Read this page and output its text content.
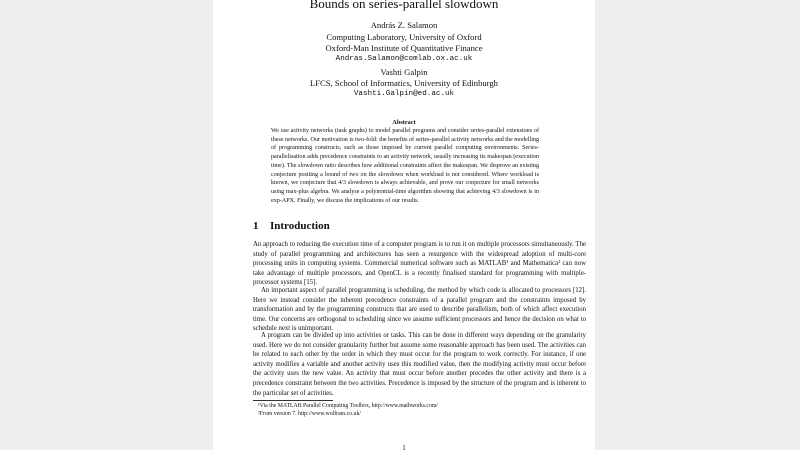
Bounds on series-parallel slowdown
András Z. Salamon
Computing Laboratory, University of Oxford
Oxford-Man Institute of Quantitative Finance
Andras.Salamon@comlab.ox.ac.uk
Vashti Galpin
LFCS, School of Informatics, University of Edinburgh
Vashti.Galpin@ed.ac.uk
Abstract

We use activity networks (task graphs) to model parallel programs and consider series-parallel extensions of these networks. Our motivation is two-fold: the benefits of series-parallel activity networks and the modelling of programming constructs, such as those imposed by current parallel computing environments. Series-parallelisation adds precedence constraints to an activity network, usually increasing its makespan (execution time). The slowdown ratio describes how additional constraints affect the makespan. We disprove an existing conjecture positing a bound of two on the slowdown when workload is not considered. Where workload is known, we conjecture that 4/3 slowdown is always achievable, and prove our conjecture for small networks using max-plus algebra. We analyse a polynomial-time algorithm showing that achieving 4/3 slowdown is in exp-APX. Finally, we discuss the implications of our results.

1 Introduction

An approach to reducing the execution time of a computer program is to run it on multiple processors simultaneously. The study of parallel programming and architectures has seen a resurgence with the widespread adoption of multi-core processing units in computing systems. Commercial numerical software such as MATLAB¹ and Mathematica² can now take advantage of multiple processors, and OpenCL is a recently finalised standard for programming with multiple-processor systems [15].

An important aspect of parallel programming is scheduling, the method by which code is allocated to processors [12]. Here we instead consider the inherent precedence constraints of a parallel program and the constraints imposed by transformation and by the programming constructs that are used to describe parallelism, both of which affect execution time. Our concerns are orthogonal to scheduling since we assume sufficient processors and hence the decision on what to schedule next is unimportant.

A program can be divided up into activities or tasks. This can be done in different ways depending on the granularity used. Here we do not consider granularity further but assume some reasonable approach has been used. The activities can be related to each other by the order in which they must occur for the program to work correctly. For instance, if one activity modifies a variable and another activity uses this modified value, then the modifying activity must occur before the activity uses the new value. An activity that must occur before another precedes the other activity and there is a precedence constraint between the two activities. Precedence is imposed by the structure of the program and is inherent to the particular set of activities.

¹Via the MATLAB Parallel Computing Toolbox, http://www.mathworks.com/
²From version 7. http://www.wolfram.co.uk/
1
